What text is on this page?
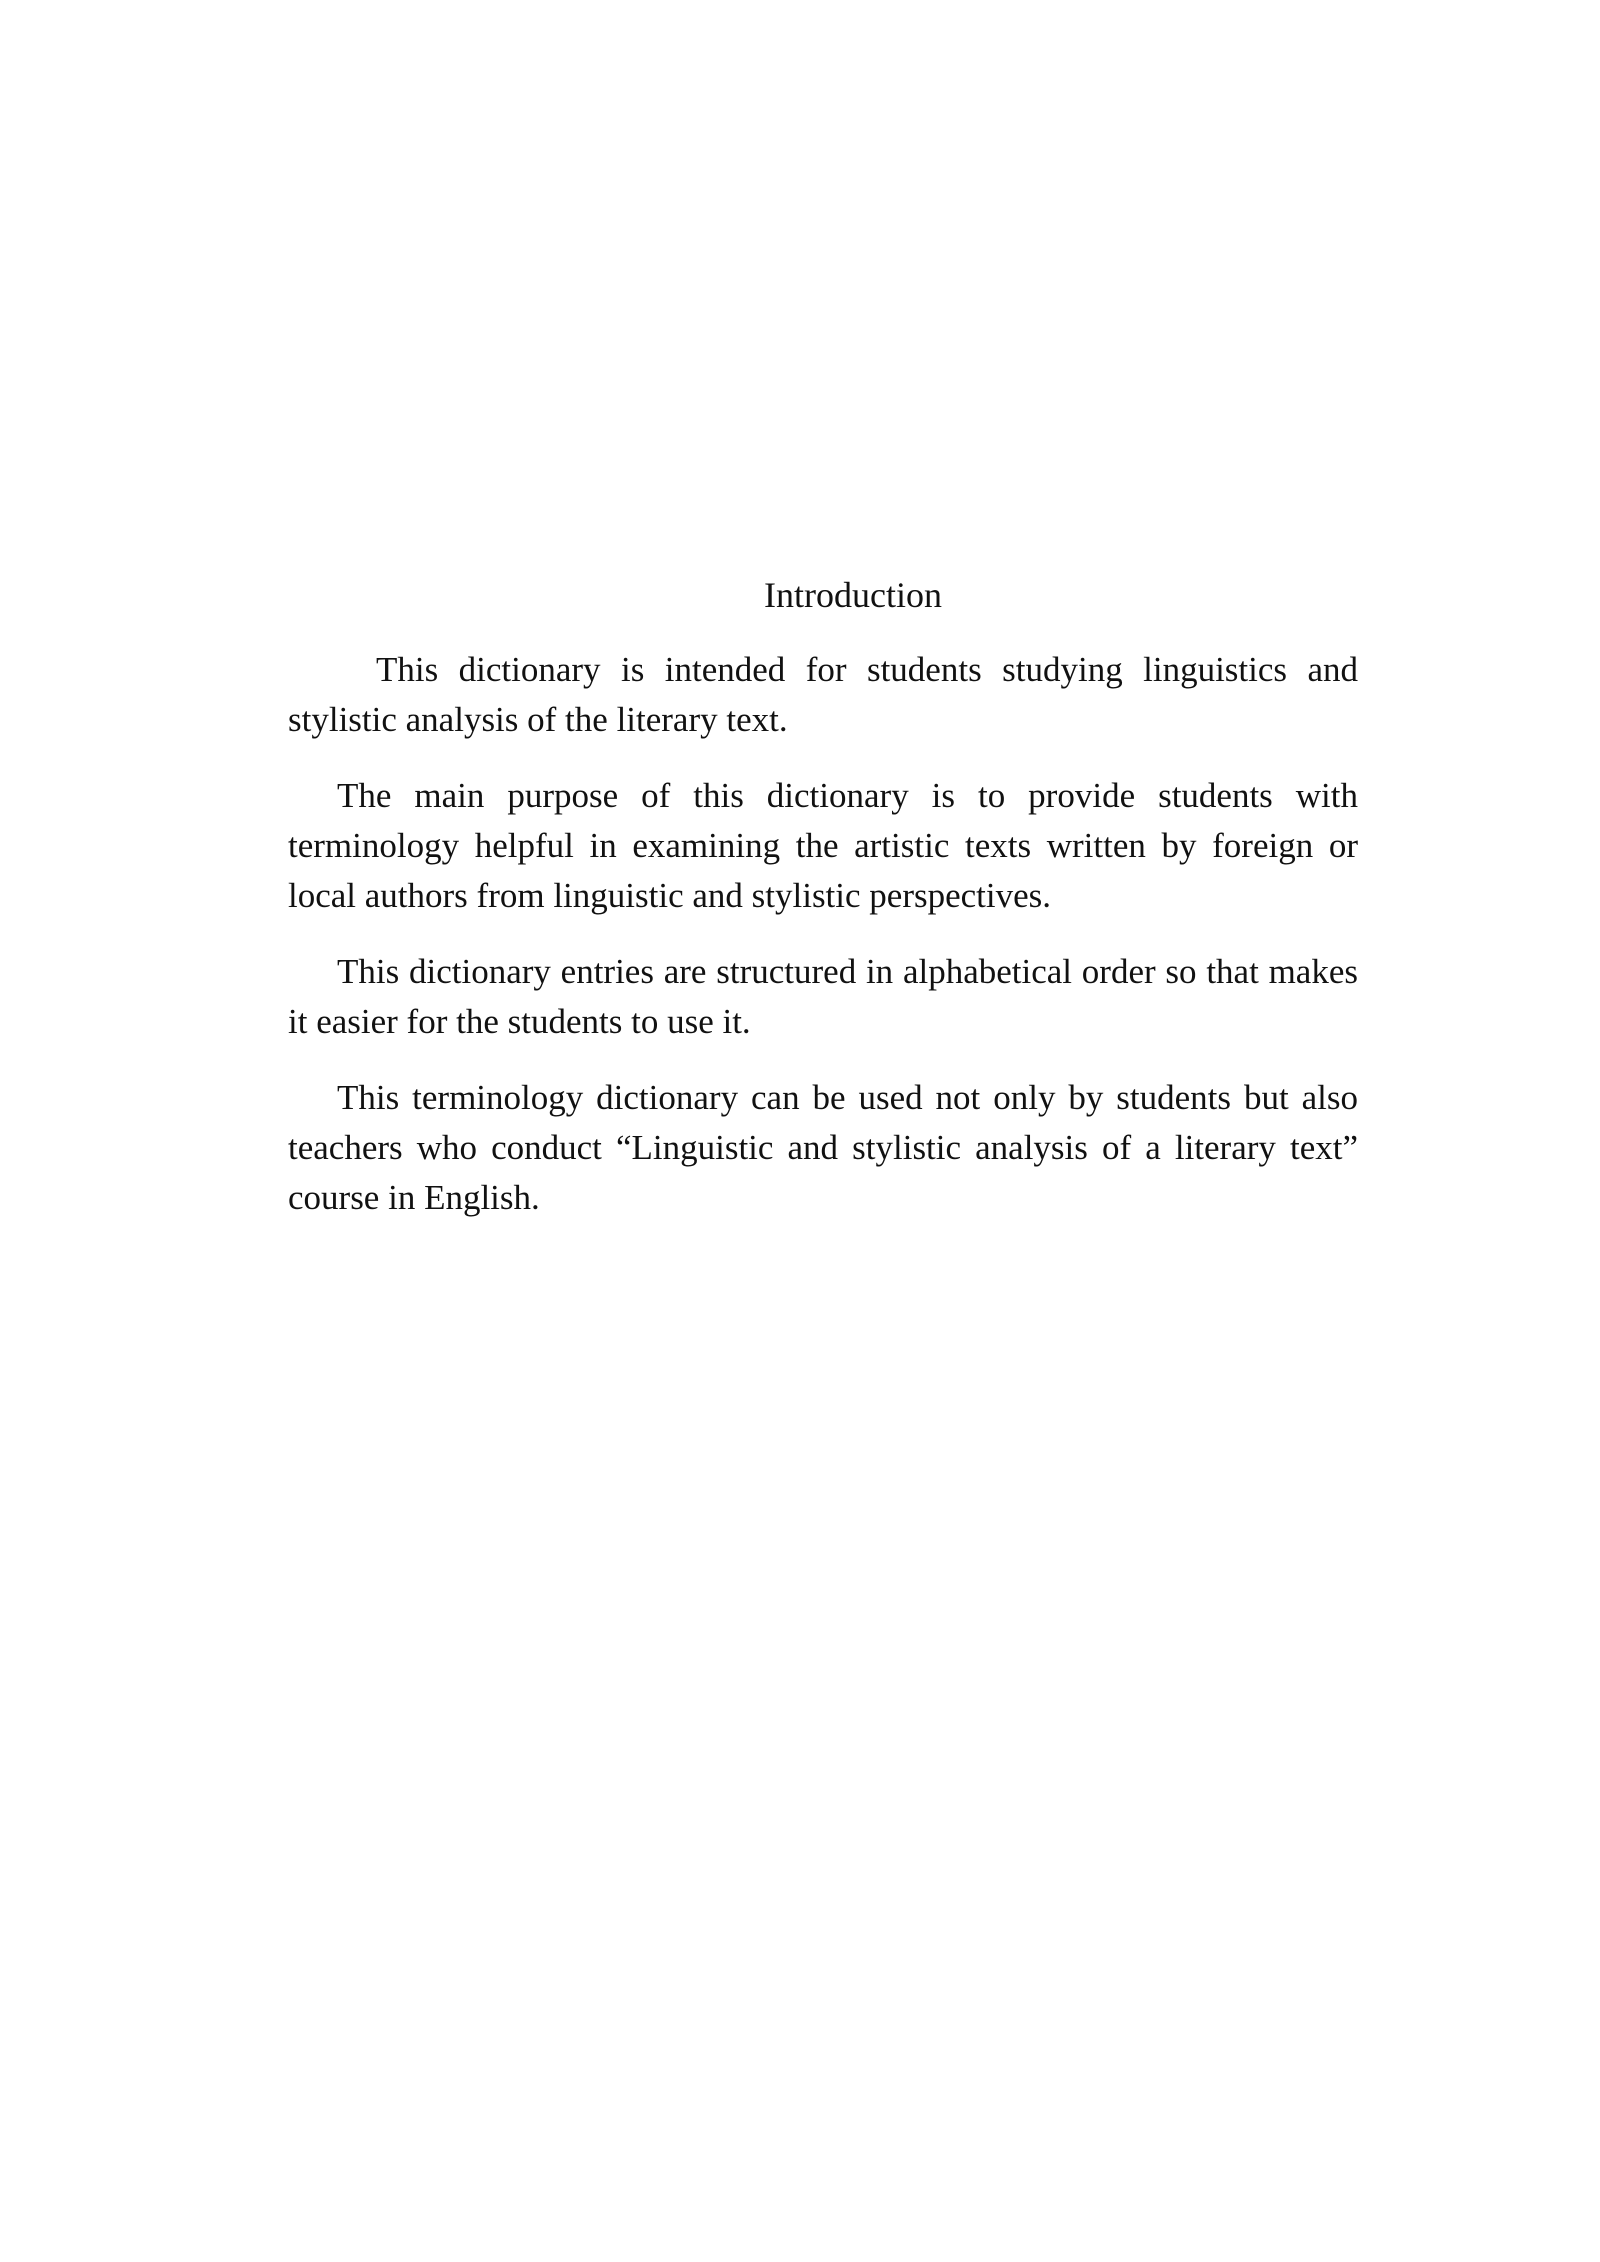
Introduction

This dictionary is intended for students studying linguistics and stylistic analysis of the literary text.

The main purpose of this dictionary is to provide students with terminology helpful in examining the artistic texts written by foreign or local authors from linguistic and stylistic perspectives.

This dictionary entries are structured in alphabetical order so that makes it easier for the students to use it.

This terminology dictionary can be used not only by students but also teachers who conduct “Linguistic and stylistic analysis of a literary text” course in English.
